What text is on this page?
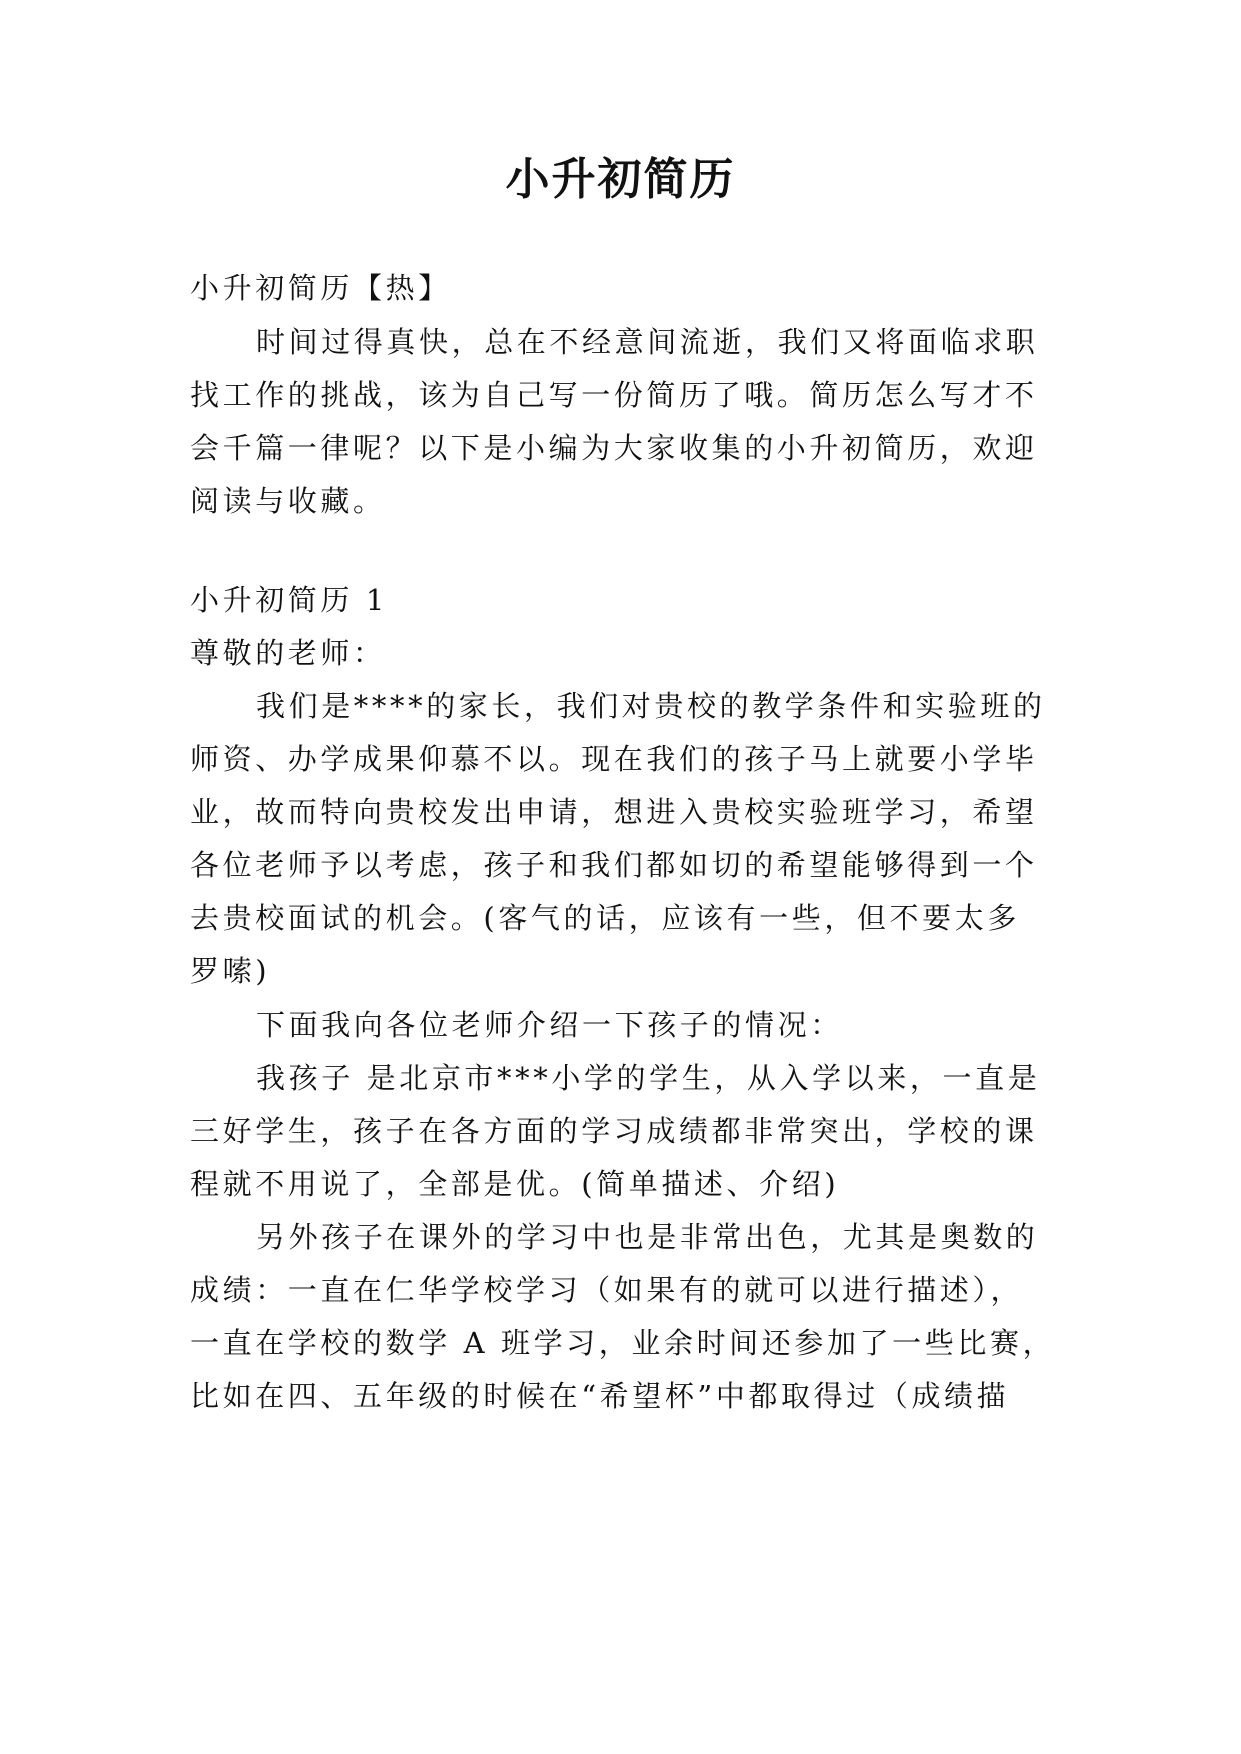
小升初简历
小升初简历【热】
时间过得真快，总在不经意间流逝，我们又将面临求职
找工作的挑战，该为自己写一份简历了哦。简历怎么写才不
会千篇一律呢？以下是小编为大家收集的小升初简历，欢迎
阅读与收藏。
小升初简历 1
尊敬的老师：
我们是****的家长，我们对贵校的教学条件和实验班的
师资、办学成果仰慕不以。现在我们的孩子马上就要小学毕
业，故而特向贵校发出申请，想进入贵校实验班学习，希望
各位老师予以考虑，孩子和我们都如切的希望能够得到一个
去贵校面试的机会。(客气的话，应该有一些，但不要太多
罗嗦)
下面我向各位老师介绍一下孩子的情况：
我孩子 是北京市***小学的学生，从入学以来，一直是
三好学生，孩子在各方面的学习成绩都非常突出，学校的课
程就不用说了，全部是优。(简单描述、介绍)
另外孩子在课外的学习中也是非常出色，尤其是奥数的
成绩：一直在仁华学校学习（如果有的就可以进行描述），
一直在学校的数学 A 班学习，业余时间还参加了一些比赛，
比如在四、五年级的时候在“希望杯”中都取得过（成绩描
